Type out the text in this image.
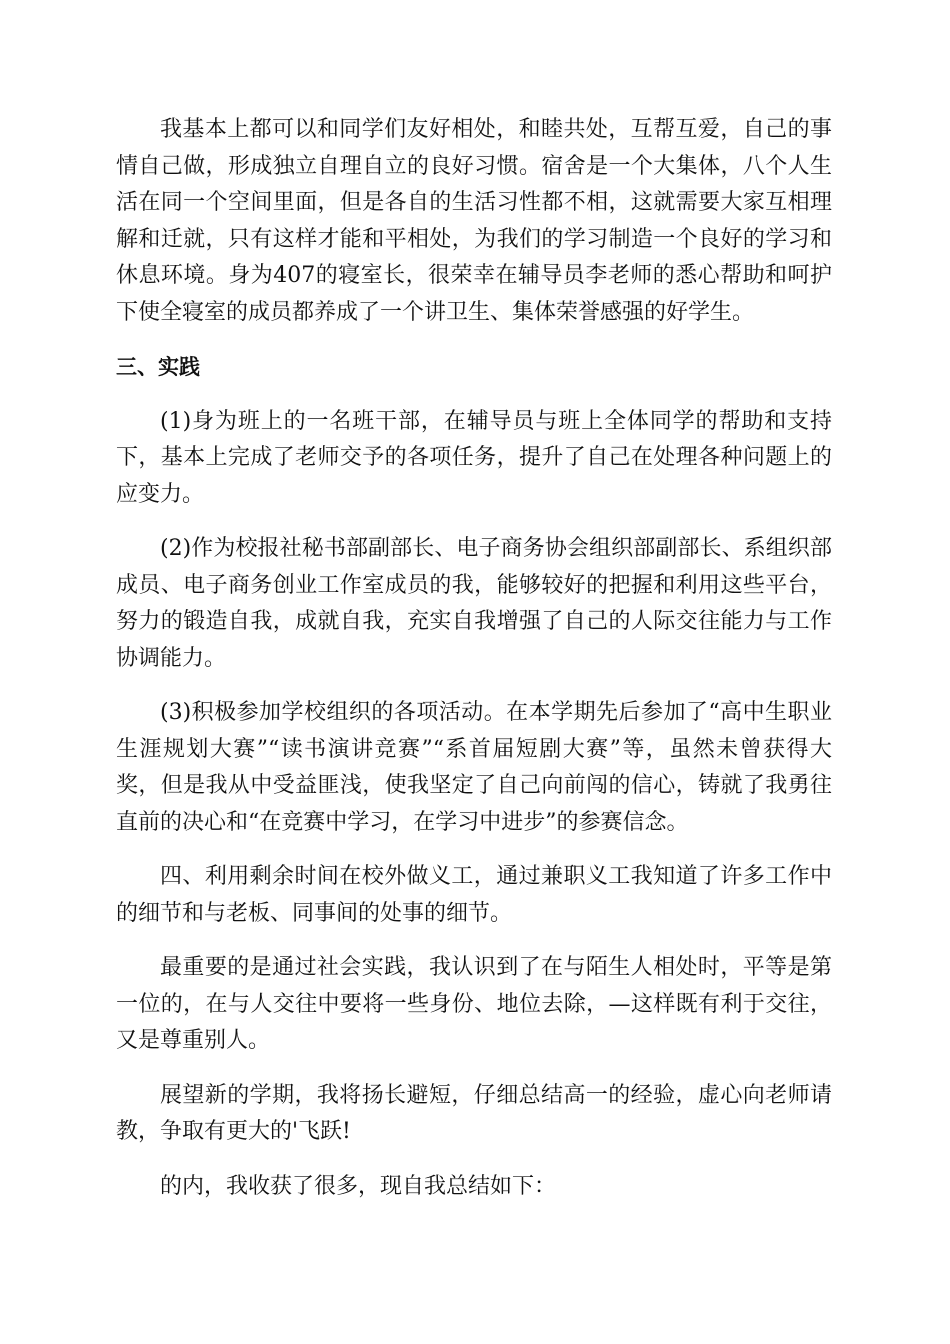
我基本上都可以和同学们友好相处，和睦共处，互帮互爱，自己的事情自己做，形成独立自理自立的良好习惯。宿舍是一个大集体，八个人生活在同一个空间里面，但是各自的生活习性都不相，这就需要大家互相理解和迁就，只有这样才能和平相处，为我们的学习制造一个良好的学习和休息环境。身为407的寝室长，很荣幸在辅导员李老师的悉心帮助和呵护下使全寝室的成员都养成了一个讲卫生、集体荣誉感强的好学生。

三、实践

(1)身为班上的一名班干部，在辅导员与班上全体同学的帮助和支持下，基本上完成了老师交予的各项任务，提升了自己在处理各种问题上的应变力。

(2)作为校报社秘书部副部长、电子商务协会组织部副部长、系组织部成员、电子商务创业工作室成员的我，能够较好的把握和利用这些平台，努力的锻造自我，成就自我，充实自我增强了自己的人际交往能力与工作协调能力。

(3)积极参加学校组织的各项活动。在本学期先后参加了“高中生职业生涯规划大赛”“读书演讲竞赛”“系首届短剧大赛”等，虽然未曾获得大奖，但是我从中受益匪浅，使我坚定了自己向前闯的信心，铸就了我勇往直前的决心和“在竞赛中学习，在学习中进步”的参赛信念。

四、利用剩余时间在校外做义工，通过兼职义工我知道了许多工作中的细节和与老板、同事间的处事的细节。

最重要的是通过社会实践，我认识到了在与陌生人相处时，平等是第一位的，在与人交往中要将一些身份、地位去除，—这样既有利于交往，又是尊重别人。

展望新的学期，我将扬长避短，仔细总结高一的经验，虚心向老师请教，争取有更大的'飞跃!

的内，我收获了很多，现自我总结如下：
